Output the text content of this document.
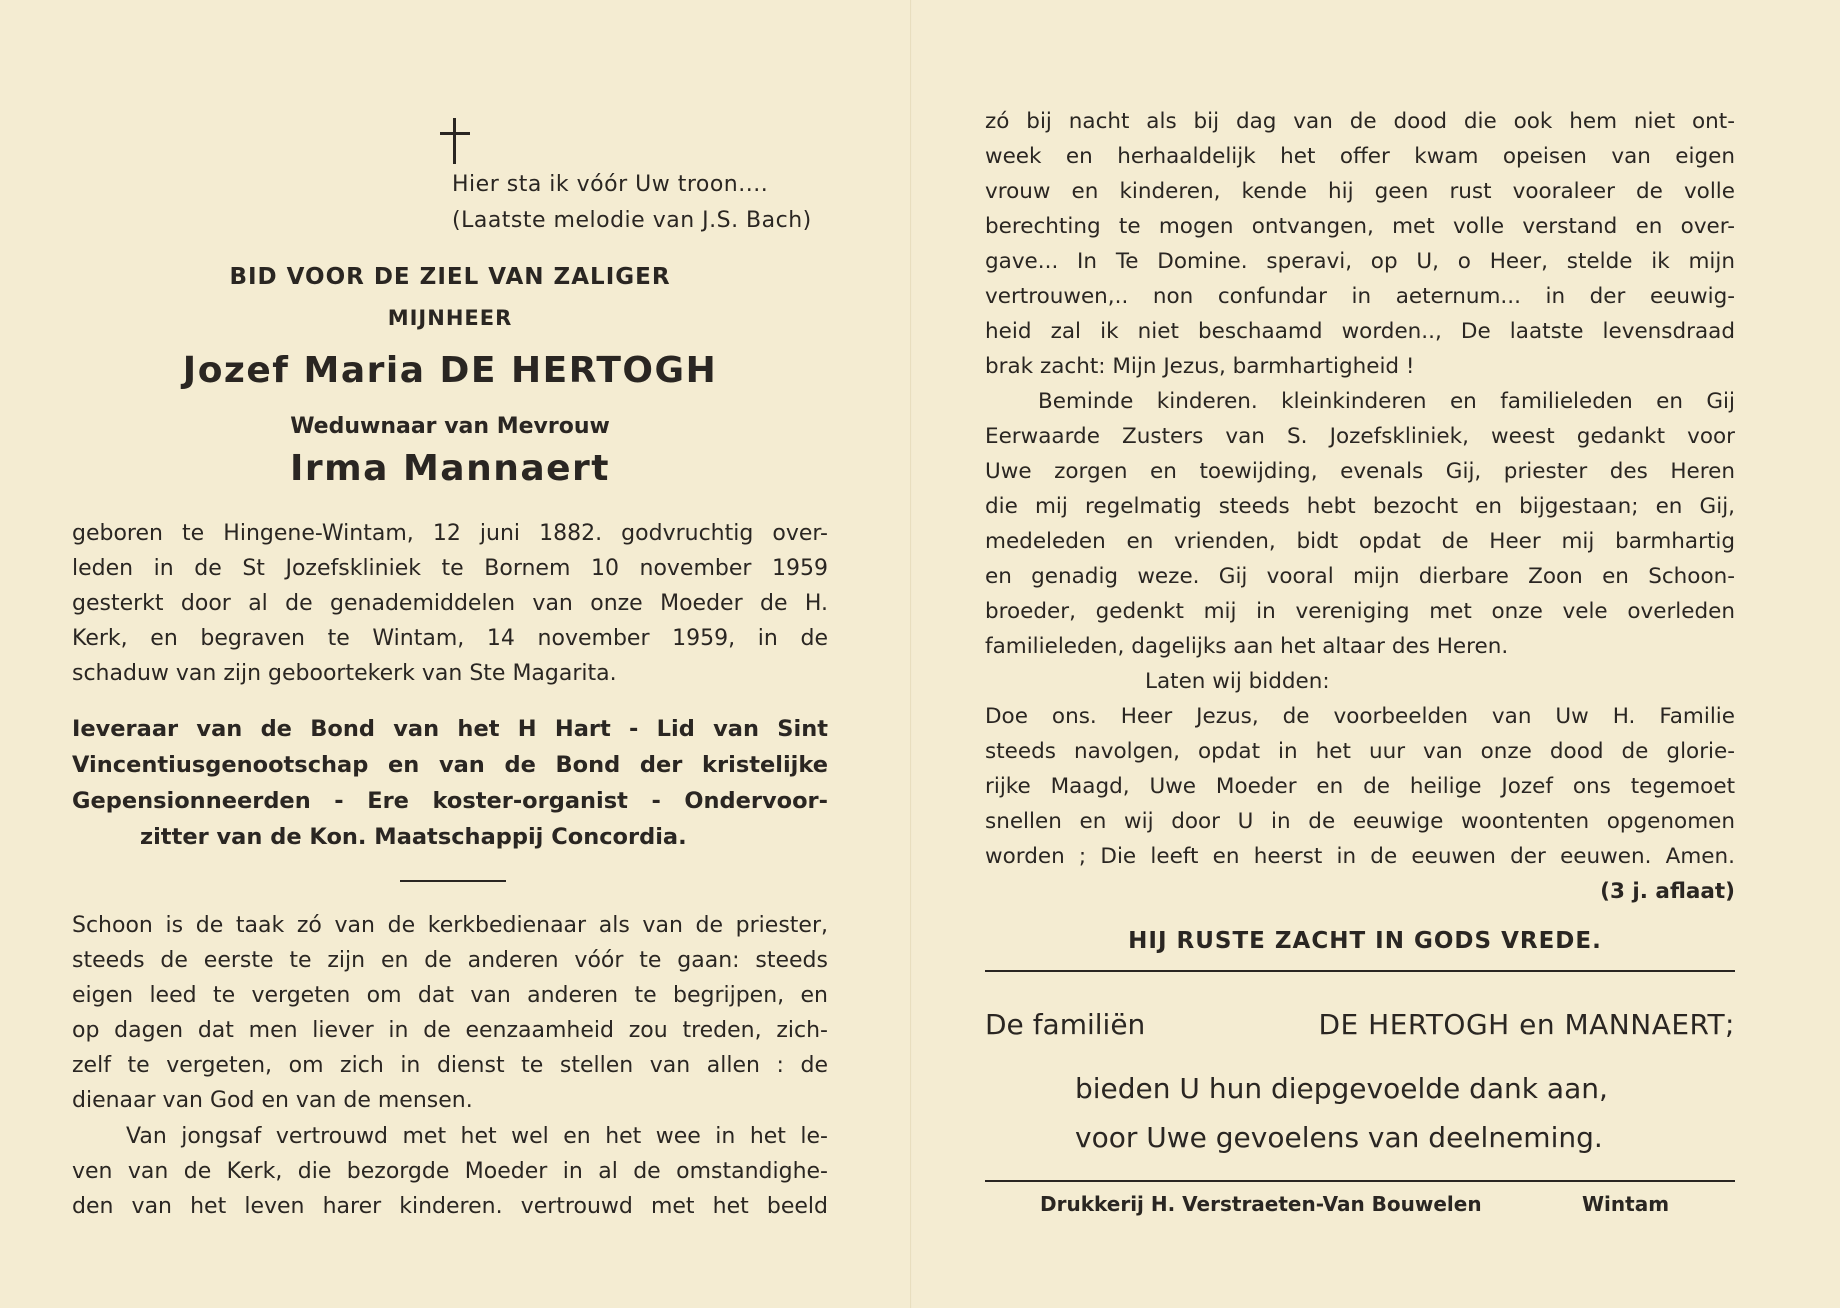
Hier sta ik vóór Uw troon....
(Laatste melodie van J.S. Bach)
BID VOOR DE ZIEL VAN ZALIGER
MIJNHEER
Jozef Maria DE HERTOGH
Weduwnaar van Mevrouw
Irma Mannaert
geboren te Hingene-Wintam, 12 juni 1882. godvruchtig over-
leden in de St Jozefskliniek te Bornem 10 november 1959
gesterkt door al de genademiddelen van onze Moeder de H.
Kerk, en begraven te Wintam, 14 november 1959, in de
schaduw van zijn geboortekerk van Ste Magarita.
Ieveraar van de Bond van het H Hart - Lid van Sint
Vincentiusgenootschap en van de Bond der kristelijke
Gepensionneerden - Ere koster-organist - Ondervoor-
zitter van de Kon. Maatschappij Concordia.
Schoon is de taak zó van de kerkbedienaar als van de priester,
steeds de eerste te zijn en de anderen vóór te gaan: steeds
eigen leed te vergeten om dat van anderen te begrijpen, en
op dagen dat men liever in de eenzaamheid zou treden, zich-
zelf te vergeten, om zich in dienst te stellen van allen : de
dienaar van God en van de mensen.
Van jongsaf vertrouwd met het wel en het wee in het le-
ven van de Kerk, die bezorgde Moeder in al de omstandighe-
den van het leven harer kinderen. vertrouwd met het beeld
zó bij nacht als bij dag van de dood die ook hem niet ont-
week en herhaaldelijk het offer kwam opeisen van eigen
vrouw en kinderen, kende hij geen rust vooraleer de volle
berechting te mogen ontvangen, met volle verstand en over-
gave... In Te Domine. speravi, op U, o Heer, stelde ik mijn
vertrouwen,.. non confundar in aeternum... in der eeuwig-
heid zal ik niet beschaamd worden.., De laatste levensdraad
brak zacht: Mijn Jezus, barmhartigheid !
Beminde kinderen. kleinkinderen en familieleden en Gij
Eerwaarde Zusters van S. Jozefskliniek, weest gedankt voor
Uwe zorgen en toewijding, evenals Gij, priester des Heren
die mij regelmatig steeds hebt bezocht en bijgestaan; en Gij,
medeleden en vrienden, bidt opdat de Heer mij barmhartig
en genadig weze. Gij vooral mijn dierbare Zoon en Schoon-
broeder, gedenkt mij in vereniging met onze vele overleden
familieleden, dagelijks aan het altaar des Heren.
Laten wij bidden:
Doe ons. Heer Jezus, de voorbeelden van Uw H. Familie
steeds navolgen, opdat in het uur van onze dood de glorie-
rijke Maagd, Uwe Moeder en de heilige Jozef ons tegemoet
snellen en wij door U in de eeuwige woontenten opgenomen
worden ; Die leeft en heerst in de eeuwen der eeuwen. Amen.
(3 j. aflaat)
HIJ RUSTE ZACHT IN GODS VREDE.
De familiën	DE HERTOGH en MANNAERT;
bieden U hun diepgevoelde dank aan,
voor Uwe gevoelens van deelneming.
Drukkerij H. Verstraeten-Van Bouwelen	Wintam
